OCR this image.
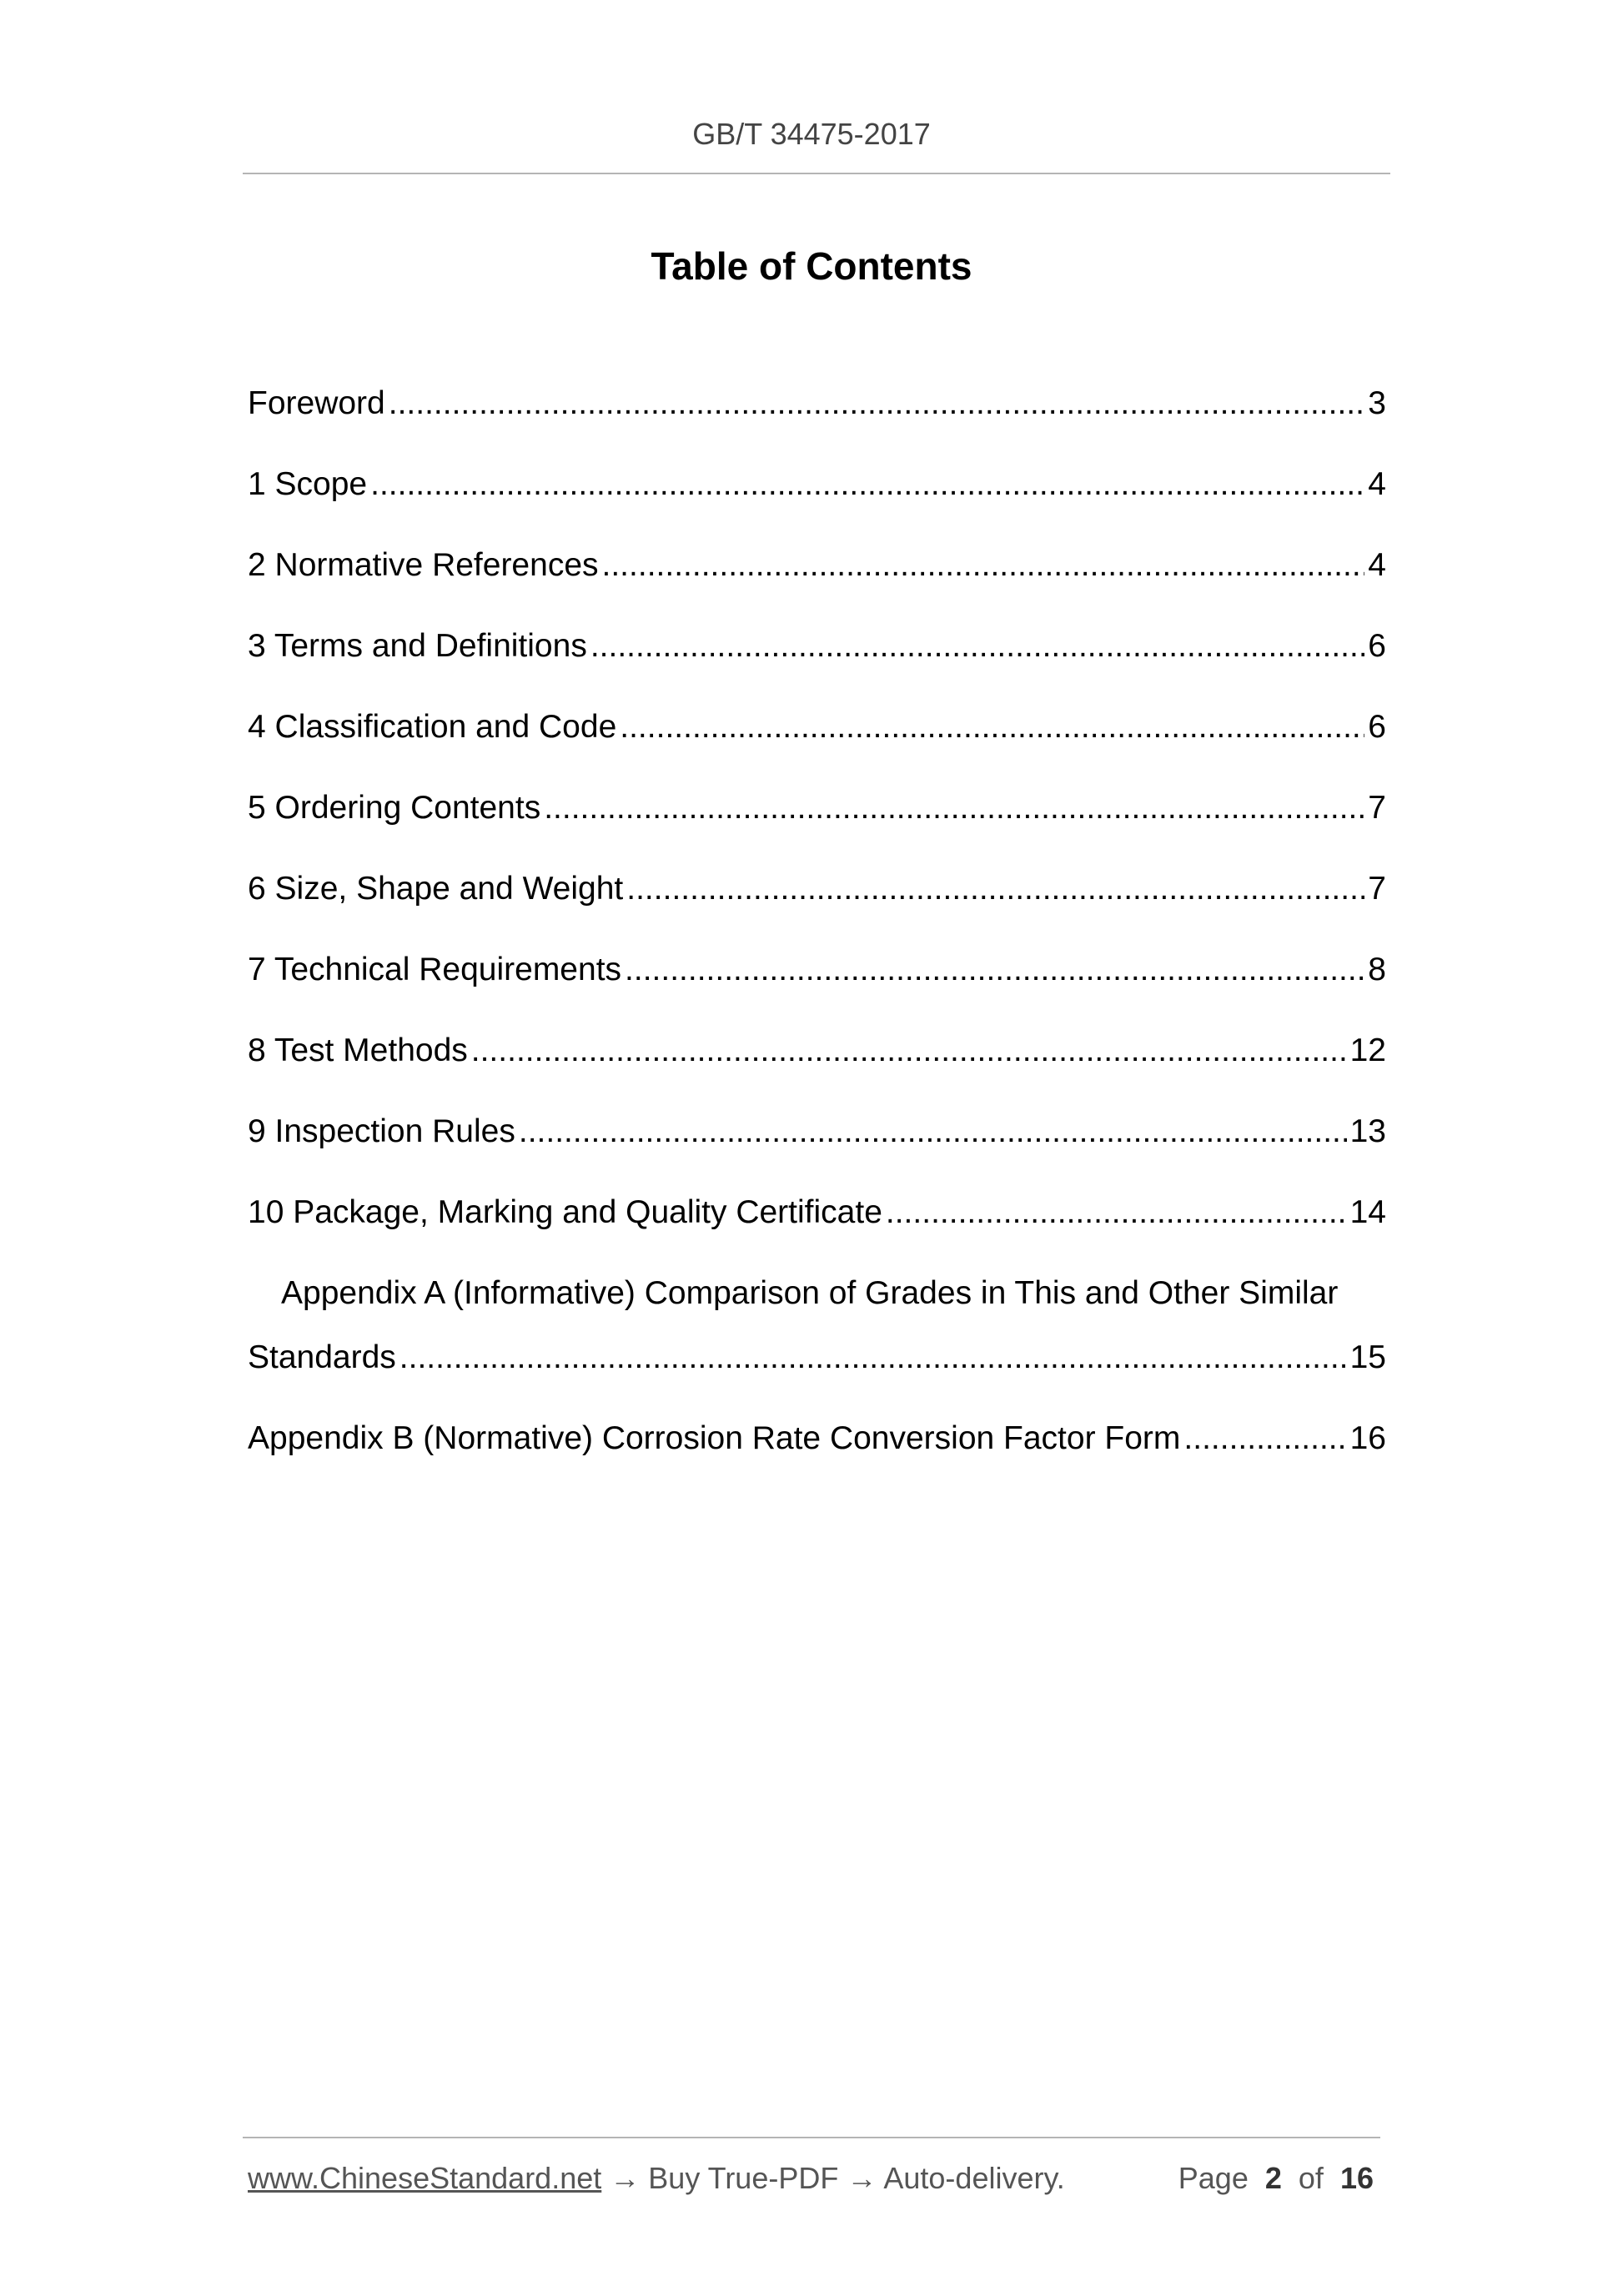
GB/T 34475-2017
Table of Contents
Foreword .....	3
1 Scope .....	4
2 Normative References .....	4
3 Terms and Definitions .....	6
4 Classification and Code .....	6
5 Ordering Contents .....	7
6 Size, Shape and Weight .....	7
7 Technical Requirements .....	8
8 Test Methods .....	12
9 Inspection Rules .....	13
10 Package, Marking and Quality Certificate .....	14
Appendix A (Informative) Comparison of Grades in This and Other Similar
Standards .....	15
Appendix B (Normative) Corrosion Rate Conversion Factor Form .....	16
www.ChineseStandard.net → Buy True-PDF → Auto-delivery.	Page 2 of 16
